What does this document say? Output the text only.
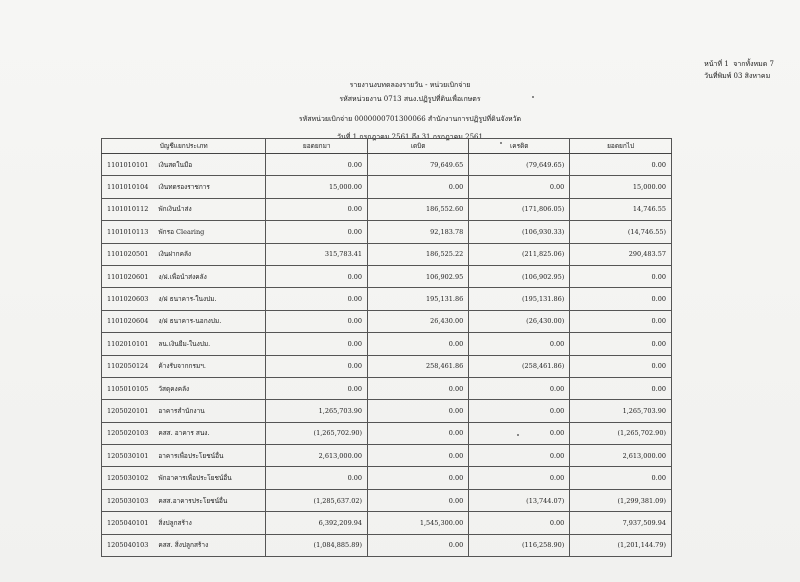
หน้าที่ 1 จากทั้งหมด 7
วันที่พิมพ์ 03 สิงหาคม
รายงานงบทดลองรายวัน - หน่วยเบิกจ่าย
รหัสหน่วยงาน 0713 สนง.ปฏิรูปที่ดินเพื่อเกษตร
รหัสหน่วยเบิกจ่าย 0000000701300066 สำนักงานการปฏิรูปที่ดินจังหวัด
วันที่ 1 กรกฎาคม 2561 ถึง 31 กรกฎาคม 2561
บัญชีแยกประเภท		ยอดยกมา	เดบิต	เครดิต	ยอดยกไป
1101010101	เงินสดในมือ	0.00	79,649.65	(79,649.65)	0.00
1101010104	เงินทดรองราชการ	15,000.00	0.00	0.00	15,000.00
1101010112	พักเงินนำส่ง	0.00	186,552.60	(171,806.05)	14,746.55
1101010113	พักรอ Clearing	0.00	92,183.78	(106,930.33)	(14,746.55)
1101020501	เงินฝากคลัง	315,783.41	186,525.22	(211,825.06)	290,483.57
1101020601	ง/ฝ.เพื่อนำส่งคลัง	0.00	106,902.95	(106,902.95)	0.00
1101020603	ง/ฝ ธนาคาร-ในงปม.	0.00	195,131.86	(195,131.86)	0.00
1101020604	ง/ฝ ธนาคาร-นอกงปม.	0.00	26,430.00	(26,430.00)	0.00
1102010101	ลน.เงินยืม-ในงปม.	0.00	0.00	0.00	0.00
1102050124	ค้างรับจากกรมฯ.	0.00	258,461.86	(258,461.86)	0.00
1105010105	วัสดุคงคลัง	0.00	0.00	0.00	0.00
1205020101	อาคารสำนักงาน	1,265,703.90	0.00	0.00	1,265,703.90
1205020103	คสส. อาคาร สนง.	(1,265,702.90)	0.00	0.00	(1,265,702.90)
1205030101	อาคารเพื่อประโยชน์อื่น	2,613,000.00	0.00	0.00	2,613,000.00
1205030102	พักอาคารเพื่อประโยชน์อื่น	0.00	0.00	0.00	0.00
1205030103	คสส.อาคารประโยชน์อื่น	(1,285,637.02)	0.00	(13,744.07)	(1,299,381.09)
1205040101	สิ่งปลูกสร้าง	6,392,209.94	1,545,300.00	0.00	7,937,509.94
1205040103	คสส. สิ่งปลูกสร้าง	(1,084,885.89)	0.00	(116,258.90)	(1,201,144.79)
